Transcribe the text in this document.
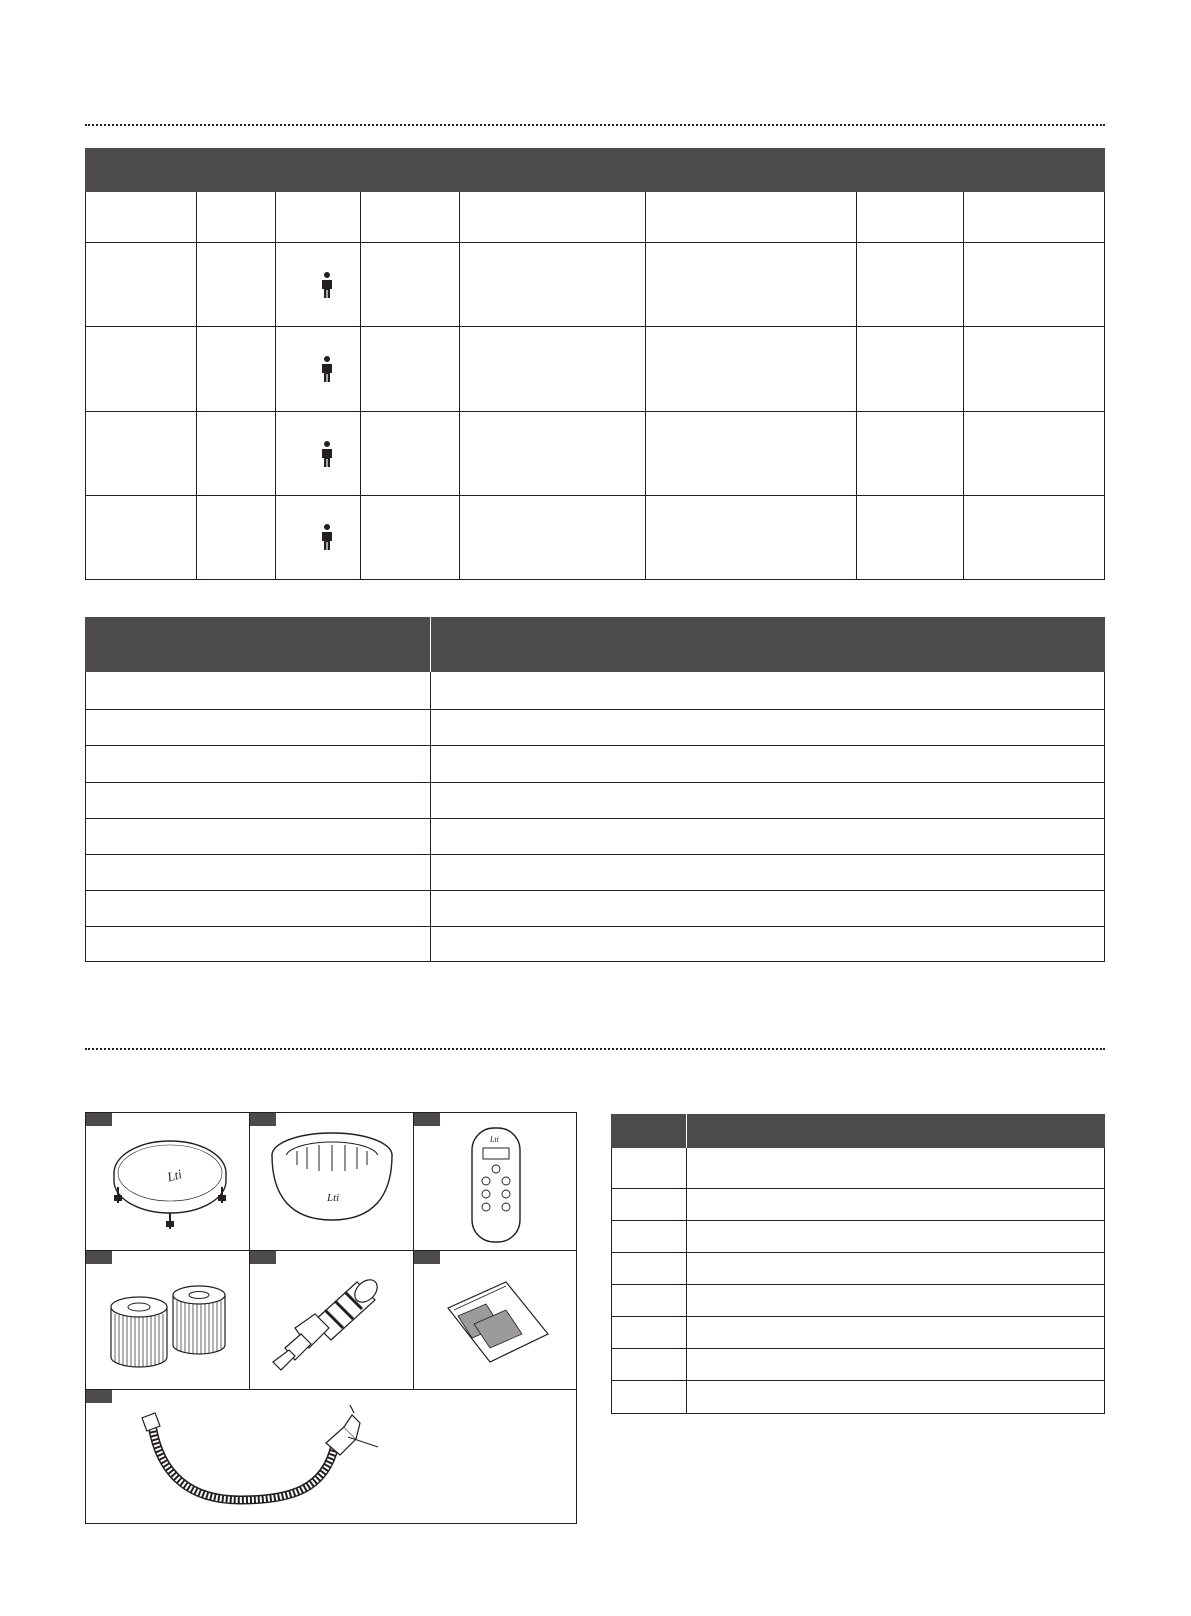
Lti
Lti
Lti
